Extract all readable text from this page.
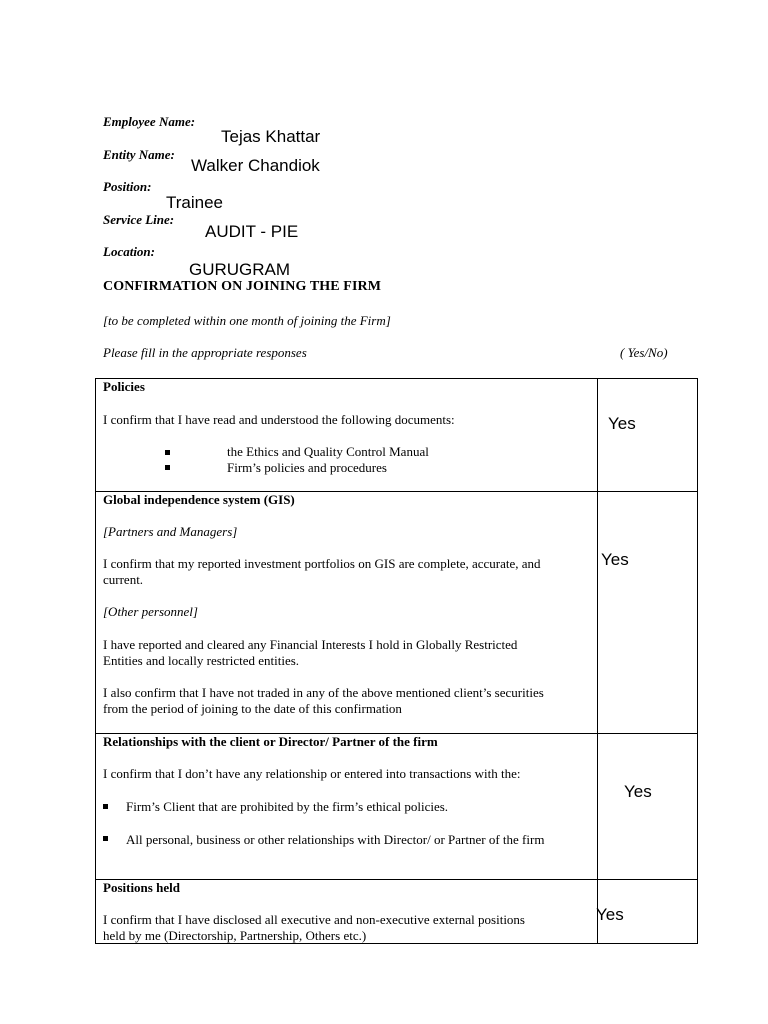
Employee Name:
Tejas Khattar
Entity Name:
Walker Chandiok
Position:
Trainee
Service Line:
AUDIT - PIE
Location:
GURUGRAM
CONFIRMATION ON JOINING THE FIRM
[to be completed within one month of joining the Firm]
Please fill in the appropriate responses	( Yes/No)
Policies
I confirm that I have read and understood the following documents:
the Ethics and Quality Control Manual
Firm’s policies and procedures
Yes
Global independence system (GIS)
[Partners and Managers]
I confirm that my reported investment portfolios on GIS are complete, accurate, and
current.
[Other personnel]
I have reported and cleared any Financial Interests I hold in Globally Restricted
Entities and locally restricted entities.
I also confirm that I have not traded in any of the above mentioned client’s securities
from the period of joining to the date of this confirmation
Yes
Relationships with the client or Director/ Partner of the firm
I confirm that I don’t have any relationship or entered into transactions with the:
Firm’s Client that are prohibited by the firm’s ethical policies.
All personal, business or other relationships with Director/ or Partner of the firm
Yes
Positions held
I confirm that I have disclosed all executive and non-executive external positions
held by me (Directorship, Partnership, Others etc.)
Yes
